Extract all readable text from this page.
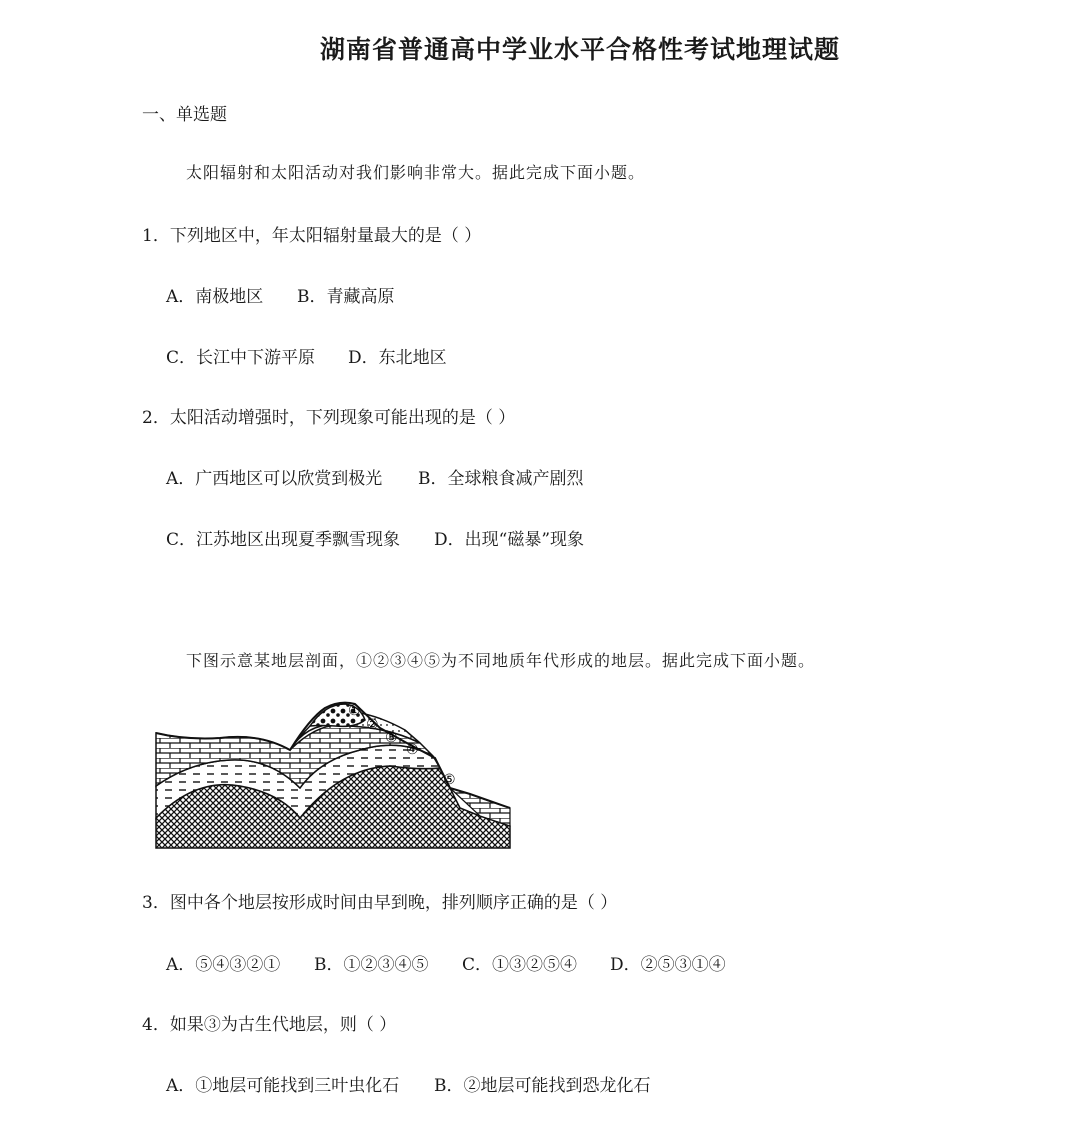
湖南省普通高中学业水平合格性考试地理试题
一、单选题
太阳辐射和太阳活动对我们影响非常大。据此完成下面小题。
1．下列地区中，年太阳辐射量最大的是（ ）
A．南极地区 B．青藏高原
C．长江中下游平原 D．东北地区
2．太阳活动增强时，下列现象可能出现的是（ ）
A．广西地区可以欣赏到极光 B．全球粮食减产剧烈
C．江苏地区出现夏季飘雪现象 D．出现“磁暴”现象
下图示意某地层剖面，①②③④⑤为不同地质年代形成的地层。据此完成下面小题。
①
②
③
④
⑤
3．图中各个地层按形成时间由早到晚，排列顺序正确的是（ ）
A．⑤④③②① B．①②③④⑤ C．①③②⑤④ D．②⑤③①④
4．如果③为古生代地层，则（ ）
A．①地层可能找到三叶虫化石 B．②地层可能找到恐龙化石
